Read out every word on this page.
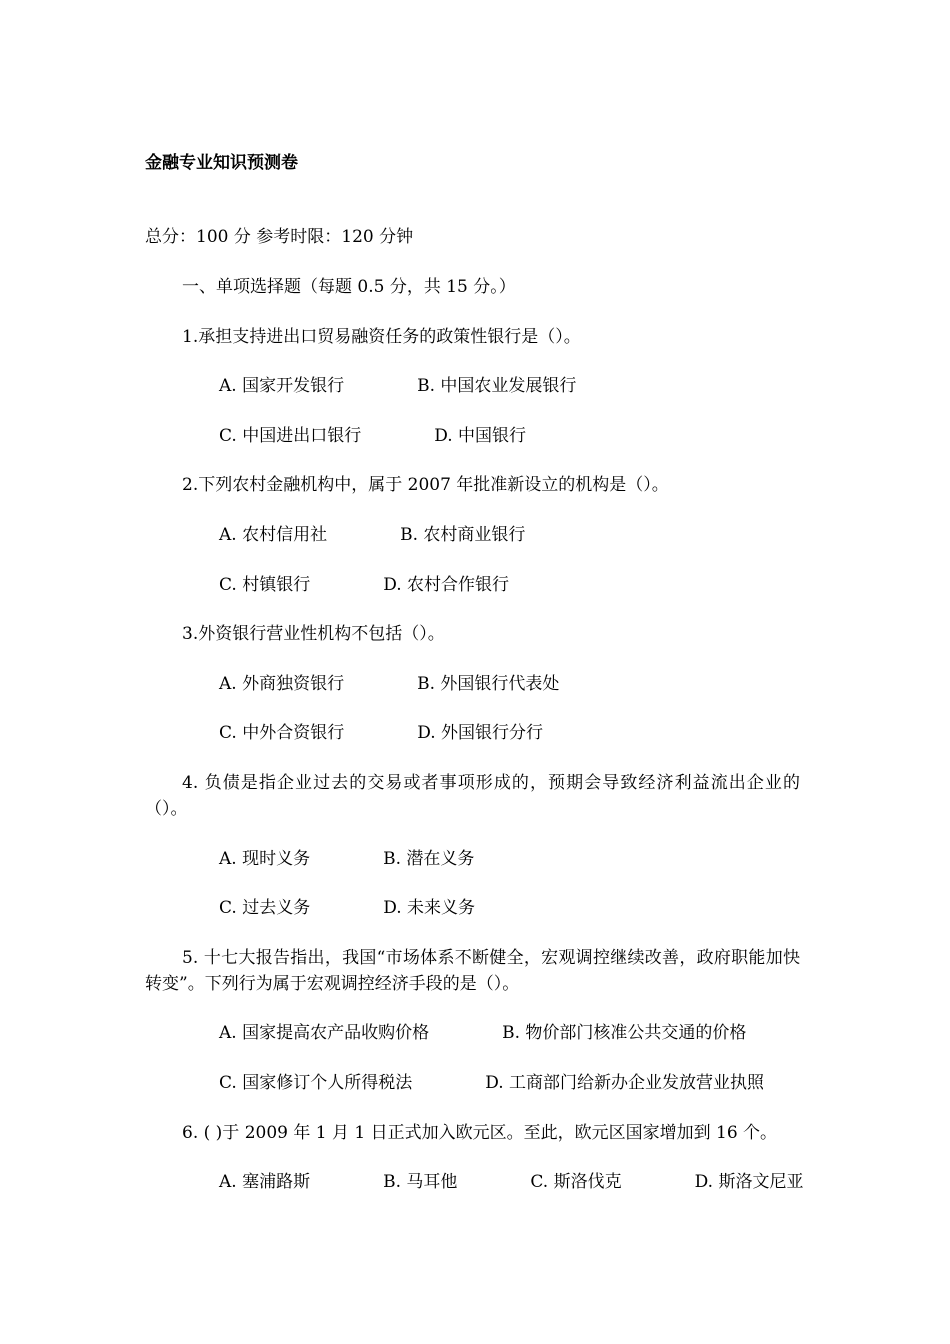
金融专业知识预测卷
总分：100 分 参考时限：120 分钟

一、单项选择题（每题 0.5 分，共 15 分。）

1.承担支持进出口贸易融资任务的政策性银行是（）。

A. 国家开发银行	B. 中国农业发展银行

C. 中国进出口银行	D. 中国银行

2.下列农村金融机构中，属于 2007 年批准新设立的机构是（）。

A. 农村信用社	B. 农村商业银行

C. 村镇银行	D. 农村合作银行

3.外资银行营业性机构不包括（）。

A. 外商独资银行	B. 外国银行代表处

C. 中外合资银行	D. 外国银行分行

4. 负债是指企业过去的交易或者事项形成的，预期会导致经济利益流出企业的（）。

A. 现时义务	B. 潜在义务

C. 过去义务	D. 未来义务

5. 十七大报告指出，我国“市场体系不断健全，宏观调控继续改善，政府职能加快转变”。下列行为属于宏观调控经济手段的是（）。

A. 国家提高农产品收购价格	B. 物价部门核准公共交通的价格

C. 国家修订个人所得税法	D. 工商部门给新办企业发放营业执照

6. ( )于 2009 年 1 月 1 日正式加入欧元区。至此，欧元区国家增加到 16 个。

A. 塞浦路斯	B. 马耳他	C. 斯洛伐克	D. 斯洛文尼亚
